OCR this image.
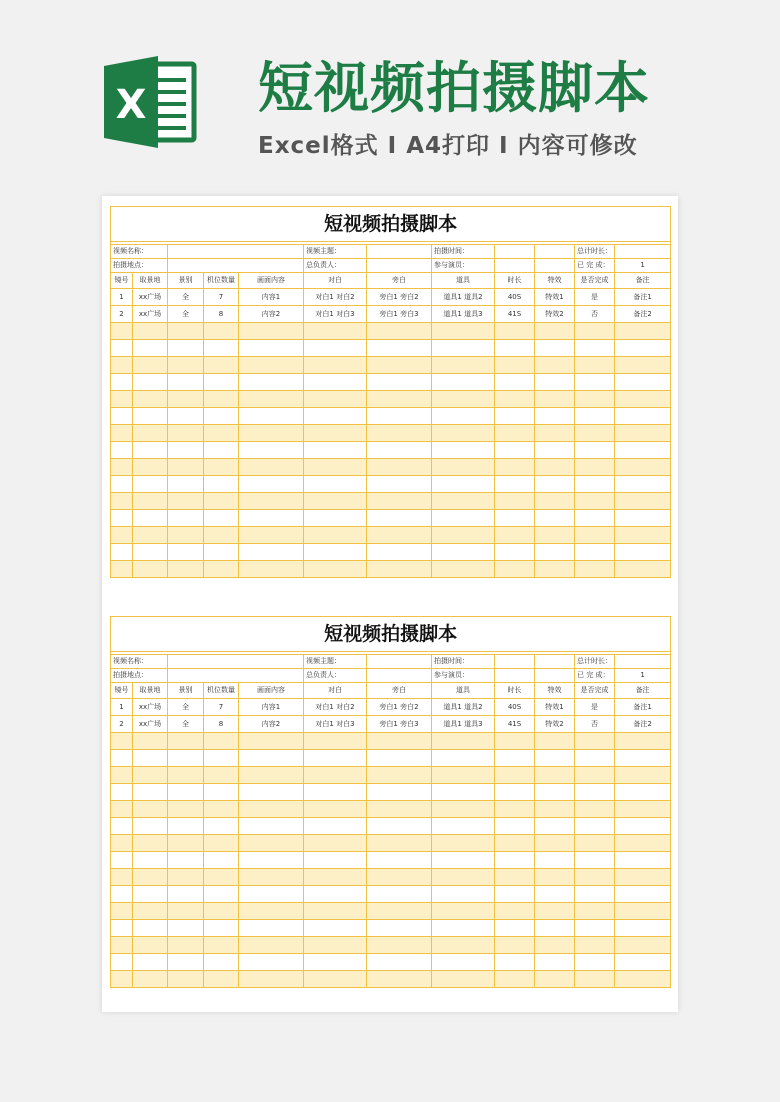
X 短视频拍摄脚本
Excel格式 I A4打印 I 内容可修改
短视频拍摄脚本											

视频名称：					视频主题：		拍摄时间：			总计时长：	
拍摄地点：					总负责人：		参与演员：			已 完 成：	1
镜号	取景地	景别	机位数量	画面内容	对白	旁白	道具	时长	特效	是否完成	备注
1	xx广场	全	7	内容1	对白1 对白2	旁白1 旁白2	道具1 道具2	40S	特效1	是	备注1
2	xx广场	全	8	内容2	对白1 对白3	旁白1 旁白3	道具1 道具3	41S	特效2	否	备注2

短视频拍摄脚本											

视频名称：					视频主题：		拍摄时间：			总计时长：	
拍摄地点：					总负责人：		参与演员：			已 完 成：	1
镜号	取景地	景别	机位数量	画面内容	对白	旁白	道具	时长	特效	是否完成	备注
1	xx广场	全	7	内容1	对白1 对白2	旁白1 旁白2	道具1 道具2	40S	特效1	是	备注1
2	xx广场	全	8	内容2	对白1 对白3	旁白1 旁白3	道具1 道具3	41S	特效2	否	备注2
